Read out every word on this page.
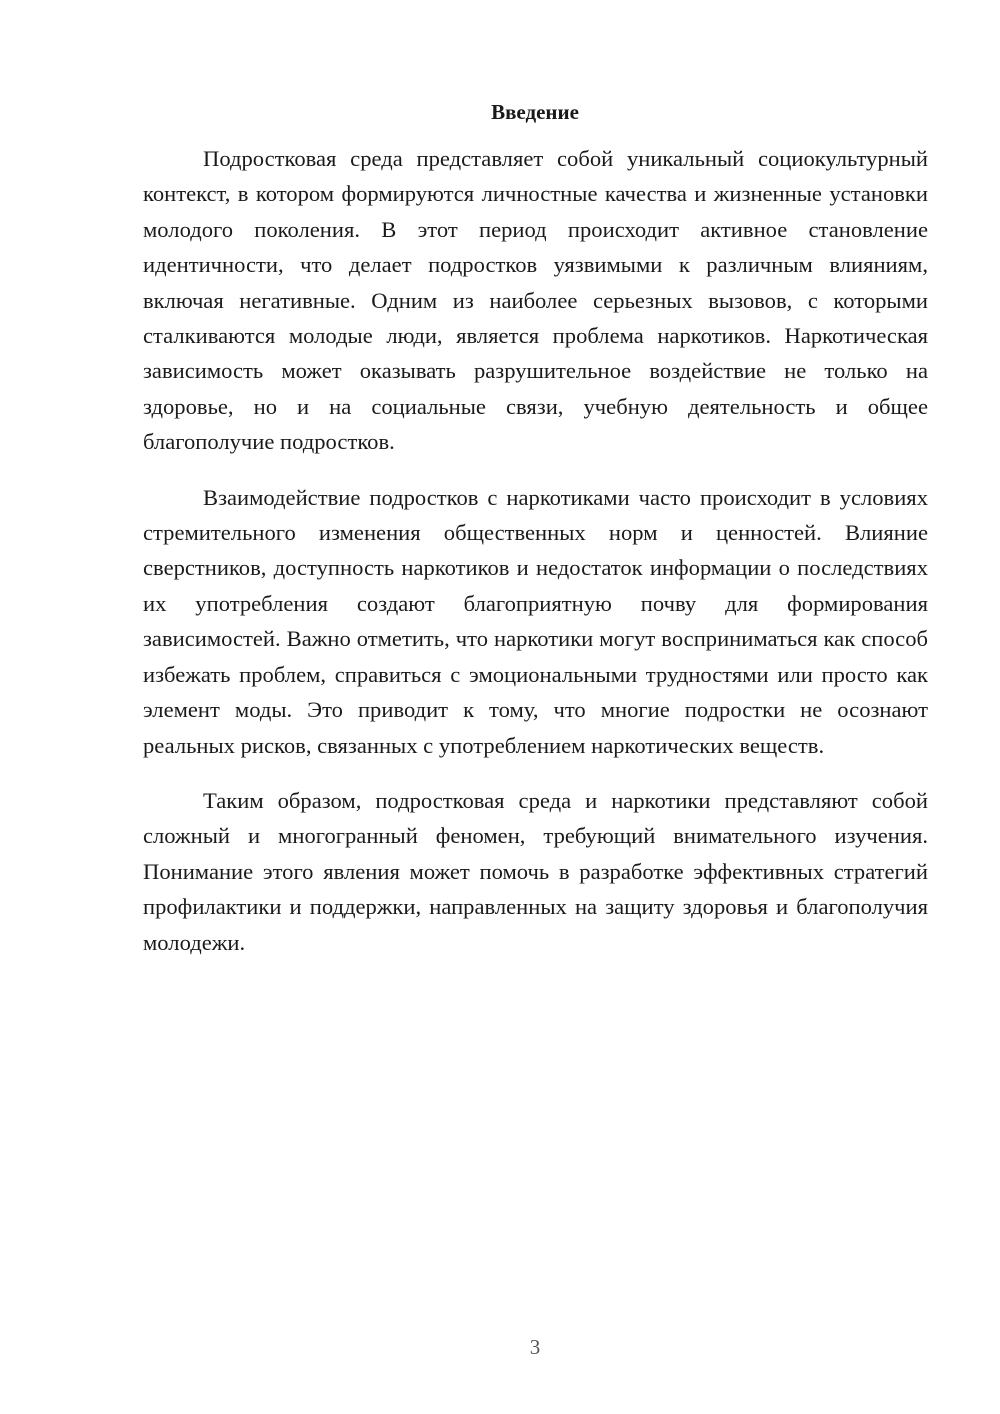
Введение

Подростковая среда представляет собой уникальный социокультурный контекст, в котором формируются личностные качества и жизненные установки молодого поколения. В этот период происходит активное становление идентичности, что делает подростков уязвимыми к различным влияниям, включая негативные. Одним из наиболее серьезных вызовов, с которыми сталкиваются молодые люди, является проблема наркотиков. Наркотическая зависимость может оказывать разрушительное воздействие не только на здоровье, но и на социальные связи, учебную деятельность и общее благополучие подростков.

Взаимодействие подростков с наркотиками часто происходит в условиях стремительного изменения общественных норм и ценностей. Влияние сверстников, доступность наркотиков и недостаток информации о последствиях их употребления создают благоприятную почву для формирования зависимостей. Важно отметить, что наркотики могут восприниматься как способ избежать проблем, справиться с эмоциональными трудностями или просто как элемент моды. Это приводит к тому, что многие подростки не осознают реальных рисков, связанных с употреблением наркотических веществ.

Таким образом, подростковая среда и наркотики представляют собой сложный и многогранный феномен, требующий внимательного изучения. Понимание этого явления может помочь в разработке эффективных стратегий профилактики и поддержки, направленных на защиту здоровья и благополучия молодежи.

3
